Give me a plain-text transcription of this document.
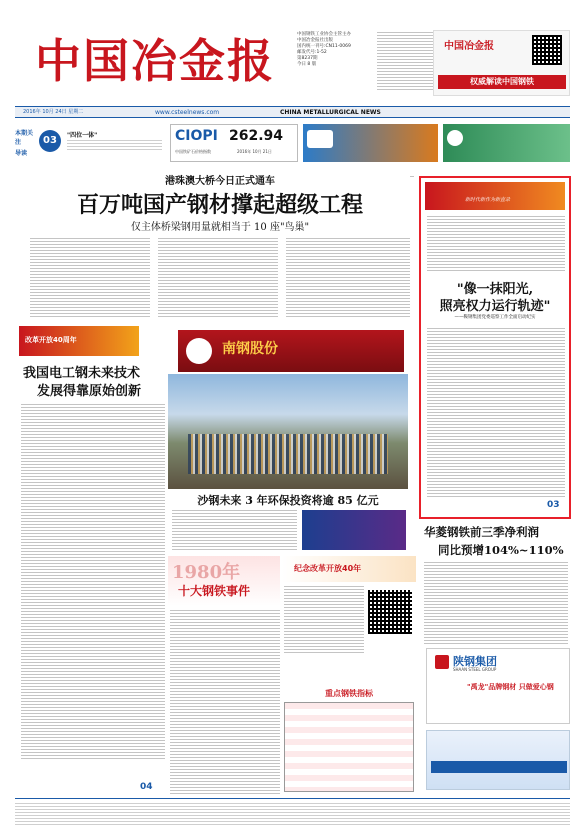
中国冶金报	中国钢铁工业协会主管主办
中国冶金报社出版
国内统一刊号:CN11-0069
邮发代号:1-52
第8237期
今日 8 版
中国冶金报
权威解读中国钢铁
2016年 10月 24日 星期二	www.csteelnews.com	CHINA METALLURGICAL NEWS
本期关注
导读
03	"四位一体"	CIOPI 262.94
中国铁矿石价格指数	2016年 10月 21日
港珠澳大桥今日正式通车
百万吨国产钢材撑起超级工程
仅主体桥梁钢用量就相当于 10 座"鸟巢"
改革开放40周年
我国电工钢未来技术
发展得靠原始创新
南钢股份
沙钢未来 3 年环保投资将逾 85 亿元
新时代新作为新直录
"像一抹阳光,
照亮权力运行轨迹"
——鞍钢集团党委巡察工作全面启动纪实
03
华菱钢铁前三季净利润
同比预增104%~110%
1980年
十大钢铁事件
纪念改革开放40年
重点钢铁指标
陕钢集团
SHAAN STEEL GROUP
"禹龙"品牌钢材 只做爱心钢
04
